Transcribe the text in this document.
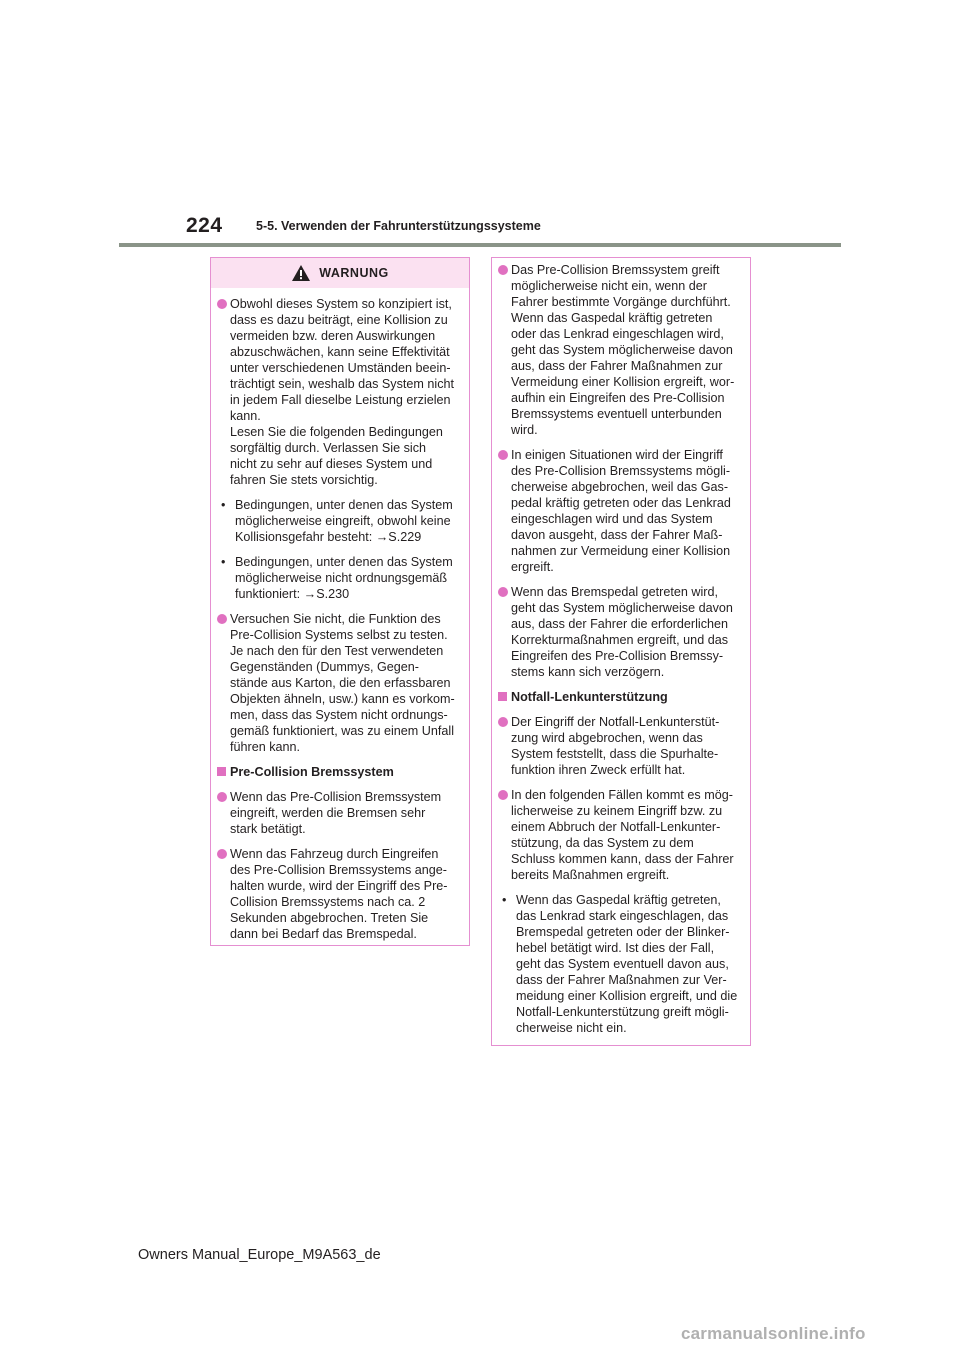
224	5-5. Verwenden der Fahrunterstützungssysteme
WARNUNG
Obwohl dieses System so konzipiert ist,
dass es dazu beiträgt, eine Kollision zu
vermeiden bzw. deren Auswirkungen
abzuschwächen, kann seine Effektivität
unter verschiedenen Umständen beein-
trächtigt sein, weshalb das System nicht
in jedem Fall dieselbe Leistung erzielen
kann.
Lesen Sie die folgenden Bedingungen
sorgfältig durch. Verlassen Sie sich
nicht zu sehr auf dieses System und
fahren Sie stets vorsichtig.
• Bedingungen, unter denen das System
möglicherweise eingreift, obwohl keine
Kollisionsgefahr besteht: →S.229
• Bedingungen, unter denen das System
möglicherweise nicht ordnungsgemäß
funktioniert: →S.230
Versuchen Sie nicht, die Funktion des
Pre-Collision Systems selbst zu testen.
Je nach den für den Test verwendeten
Gegenständen (Dummys, Gegen-
stände aus Karton, die den erfassbaren
Objekten ähneln, usw.) kann es vorkom-
men, dass das System nicht ordnungs-
gemäß funktioniert, was zu einem Unfall
führen kann.
Pre-Collision Bremssystem
Wenn das Pre-Collision Bremssystem
eingreift, werden die Bremsen sehr
stark betätigt.
Wenn das Fahrzeug durch Eingreifen
des Pre-Collision Bremssystems ange-
halten wurde, wird der Eingriff des Pre-
Collision Bremssystems nach ca. 2
Sekunden abgebrochen. Treten Sie
dann bei Bedarf das Bremspedal.
Das Pre-Collision Bremssystem greift
möglicherweise nicht ein, wenn der
Fahrer bestimmte Vorgänge durchführt.
Wenn das Gaspedal kräftig getreten
oder das Lenkrad eingeschlagen wird,
geht das System möglicherweise davon
aus, dass der Fahrer Maßnahmen zur
Vermeidung einer Kollision ergreift, wor-
aufhin ein Eingreifen des Pre-Collision
Bremssystems eventuell unterbunden
wird.
In einigen Situationen wird der Eingriff
des Pre-Collision Bremssystems mögli-
cherweise abgebrochen, weil das Gas-
pedal kräftig getreten oder das Lenkrad
eingeschlagen wird und das System
davon ausgeht, dass der Fahrer Maß-
nahmen zur Vermeidung einer Kollision
ergreift.
Wenn das Bremspedal getreten wird,
geht das System möglicherweise davon
aus, dass der Fahrer die erforderlichen
Korrekturmaßnahmen ergreift, und das
Eingreifen des Pre-Collision Bremssy-
stems kann sich verzögern.
Notfall-Lenkunterstützung
Der Eingriff der Notfall-Lenkunterstüt-
zung wird abgebrochen, wenn das
System feststellt, dass die Spurhalte-
funktion ihren Zweck erfüllt hat.
In den folgenden Fällen kommt es mög-
licherweise zu keinem Eingriff bzw. zu
einem Abbruch der Notfall-Lenkunter-
stützung, da das System zu dem
Schluss kommen kann, dass der Fahrer
bereits Maßnahmen ergreift.
• Wenn das Gaspedal kräftig getreten,
das Lenkrad stark eingeschlagen, das
Bremspedal getreten oder der Blinker-
hebel betätigt wird. Ist dies der Fall,
geht das System eventuell davon aus,
dass der Fahrer Maßnahmen zur Ver-
meidung einer Kollision ergreift, und die
Notfall-Lenkunterstützung greift mögli-
cherweise nicht ein.
Owners Manual_Europe_M9A563_de
carmanualsonline.info
